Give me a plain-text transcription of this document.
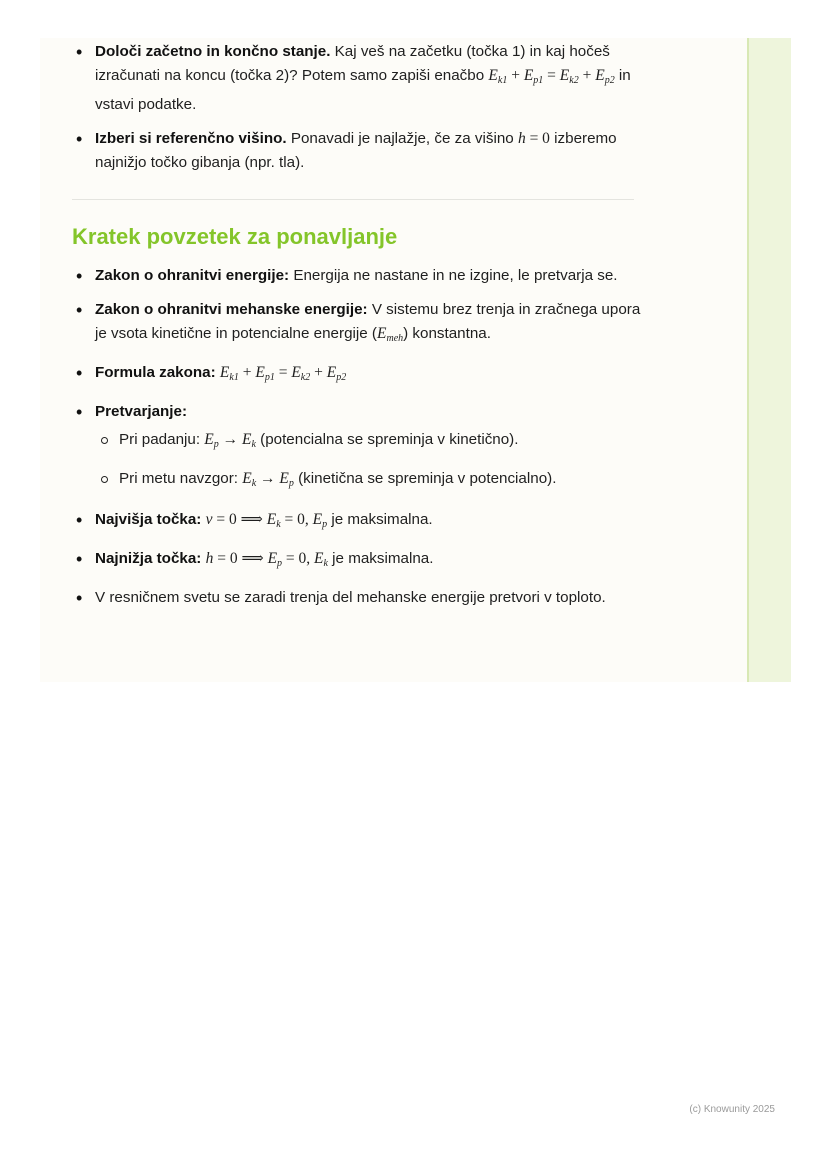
• Določi začetno in končno stanje. Kaj veš na začetku (točka 1) in kaj hočeš izračunati na koncu (točka 2)? Potem samo zapiši enačbo $E_{k1} + E_{p1} = E_{k2} + E_{p2}$ in vstavi podatke.
• Izberi si referenčno višino. Ponavadi je najlažje, če za višino h = 0 izberemo najnižjo točko gibanja (npr. tla).
Kratek povzetek za ponavljanje
• Zakon o ohranitvi energije: Energija ne nastane in ne izgine, le pretvarja se.
• Zakon o ohranitvi mehanske energije: V sistemu brez trenja in zračnega upora je vsota kinetične in potencialne energije $(E_{meh})$ konstantna.
• Formula zakona: $E_{k1} + E_{p1} = E_{k2} + E_{p2}$
• Pretvarjanje:
Pri padanju: $E_p \to E_k$ (potencialna se spreminja v kinetično).
Pri metu navzgor: $E_k \to E_p$ (kinetična se spreminja v potencialno).
• Najvišja točka: v = 0 ⟹ $E_k = 0$, $E_p$ je maksimalna.
• Najnižja točka: h = 0 ⟹ $E_p = 0$, $E_k$ je maksimalna.
• V resničnem svetu se zaradi trenja del mehanske energije pretvori v toploto.
(c) Knowunity 2025
